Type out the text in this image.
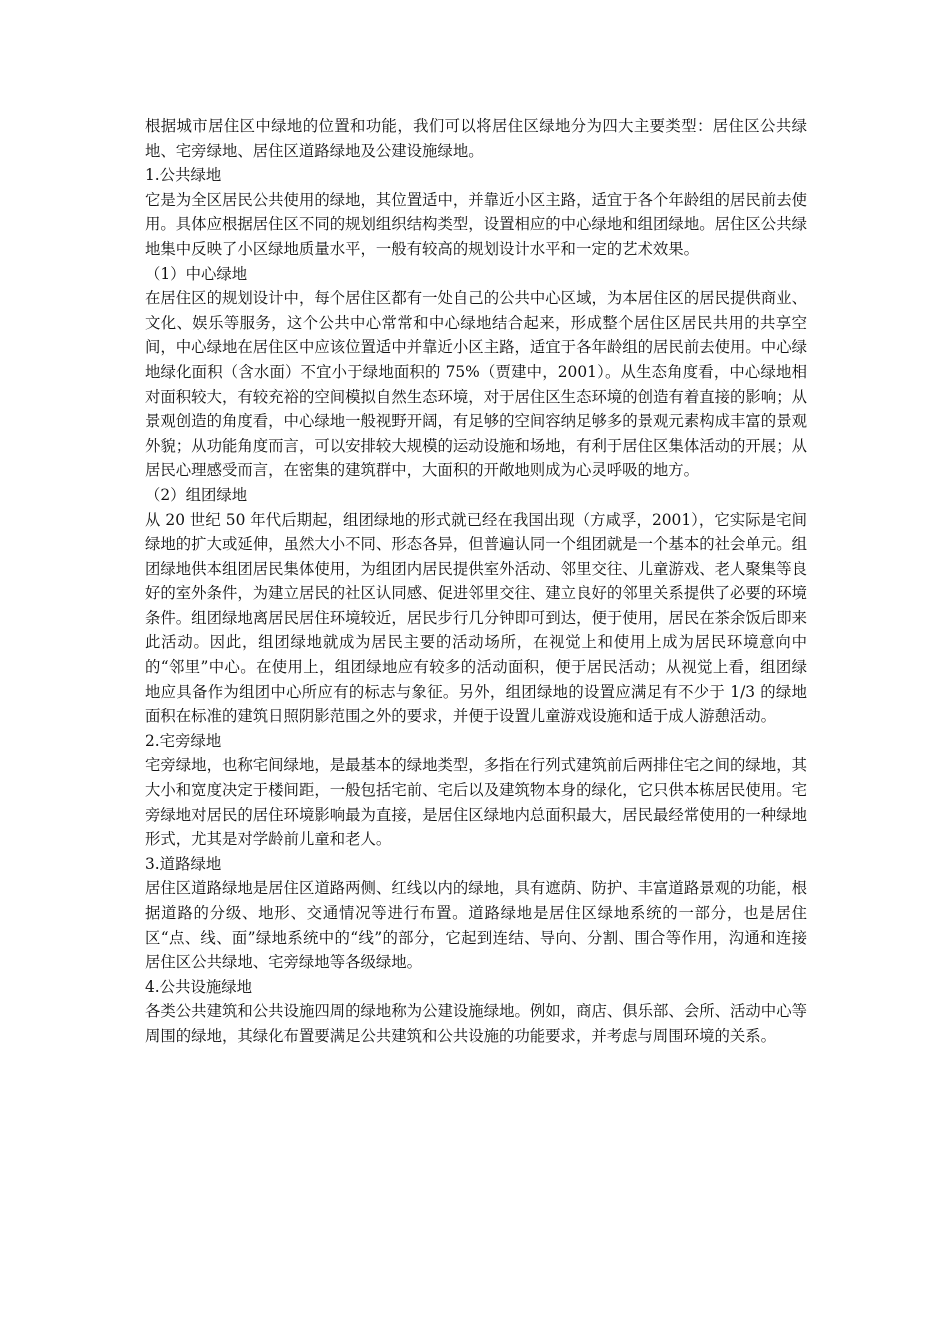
根据城市居住区中绿地的位置和功能，我们可以将居住区绿地分为四大主要类型：居住区公共绿地、宅旁绿地、居住区道路绿地及公建设施绿地。

1.公共绿地

它是为全区居民公共使用的绿地，其位置适中，并靠近小区主路，适宜于各个年龄组的居民前去使用。具体应根据居住区不同的规划组织结构类型，设置相应的中心绿地和组团绿地。居住区公共绿地集中反映了小区绿地质量水平，一般有较高的规划设计水平和一定的艺术效果。

（1）中心绿地

在居住区的规划设计中，每个居住区都有一处自己的公共中心区域，为本居住区的居民提供商业、文化、娱乐等服务，这个公共中心常常和中心绿地结合起来，形成整个居住区居民共用的共享空间，中心绿地在居住区中应该位置适中并靠近小区主路，适宜于各年龄组的居民前去使用。中心绿地绿化面积（含水面）不宜小于绿地面积的 75%（贾建中，2001）。从生态角度看，中心绿地相对面积较大，有较充裕的空间模拟自然生态环境，对于居住区生态环境的创造有着直接的影响；从景观创造的角度看，中心绿地一般视野开阔，有足够的空间容纳足够多的景观元素构成丰富的景观外貌；从功能角度而言，可以安排较大规模的运动设施和场地，有利于居住区集体活动的开展；从居民心理感受而言，在密集的建筑群中，大面积的开敞地则成为心灵呼吸的地方。

（2）组团绿地

从 20 世纪 50 年代后期起，组团绿地的形式就已经在我国出现（方咸孚，2001），它实际是宅间绿地的扩大或延伸，虽然大小不同、形态各异，但普遍认同一个组团就是一个基本的社会单元。组团绿地供本组团居民集体使用，为组团内居民提供室外活动、邻里交往、儿童游戏、老人聚集等良好的室外条件，为建立居民的社区认同感、促进邻里交往、建立良好的邻里关系提供了必要的环境条件。组团绿地离居民居住环境较近，居民步行几分钟即可到达，便于使用，居民在茶余饭后即来此活动。因此，组团绿地就成为居民主要的活动场所，在视觉上和使用上成为居民环境意向中的“邻里”中心。在使用上，组团绿地应有较多的活动面积，便于居民活动；从视觉上看，组团绿地应具备作为组团中心所应有的标志与象征。另外，组团绿地的设置应满足有不少于 1/3 的绿地面积在标准的建筑日照阴影范围之外的要求，并便于设置儿童游戏设施和适于成人游憩活动。

2.宅旁绿地

宅旁绿地，也称宅间绿地，是最基本的绿地类型，多指在行列式建筑前后两排住宅之间的绿地，其大小和宽度决定于楼间距，一般包括宅前、宅后以及建筑物本身的绿化，它只供本栋居民使用。宅旁绿地对居民的居住环境影响最为直接，是居住区绿地内总面积最大，居民最经常使用的一种绿地形式，尤其是对学龄前儿童和老人。

3.道路绿地

居住区道路绿地是居住区道路两侧、红线以内的绿地，具有遮荫、防护、丰富道路景观的功能，根据道路的分级、地形、交通情况等进行布置。道路绿地是居住区绿地系统的一部分，也是居住区“点、线、面”绿地系统中的“线”的部分，它起到连结、导向、分割、围合等作用，沟通和连接居住区公共绿地、宅旁绿地等各级绿地。

4.公共设施绿地

各类公共建筑和公共设施四周的绿地称为公建设施绿地。例如，商店、俱乐部、会所、活动中心等周围的绿地，其绿化布置要满足公共建筑和公共设施的功能要求，并考虑与周围环境的关系。
